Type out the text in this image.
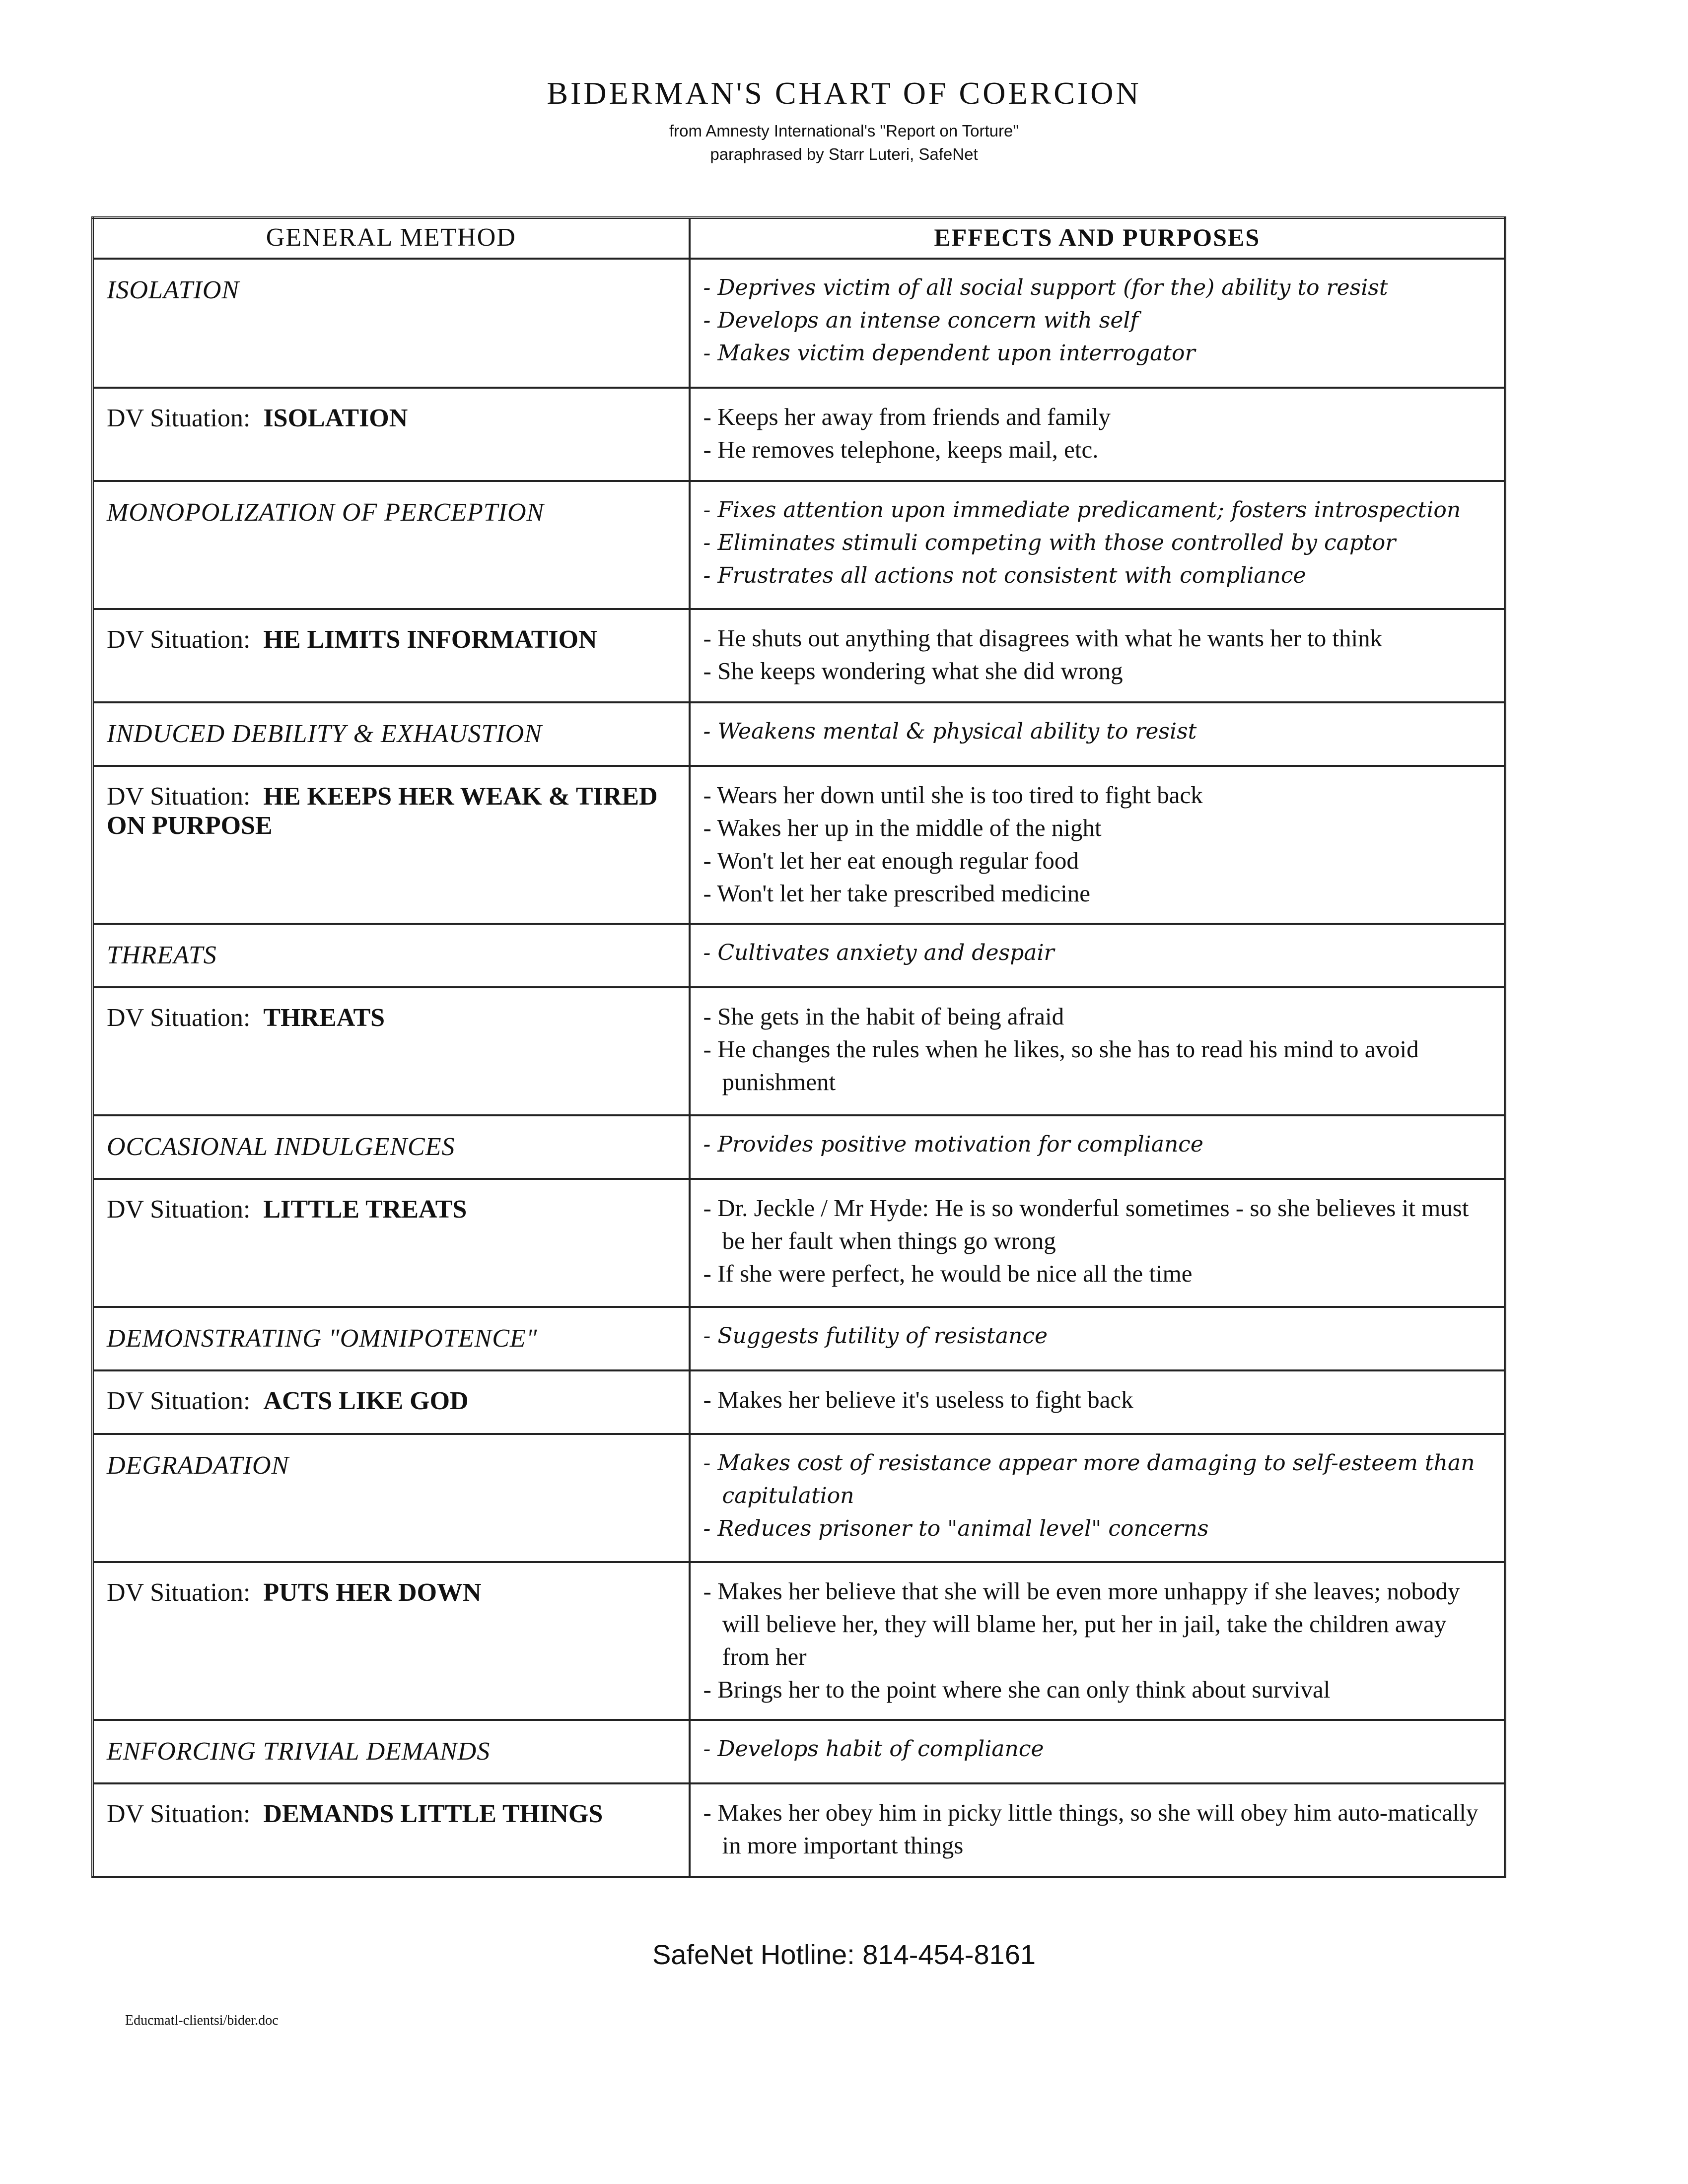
BIDERMAN'S CHART OF COERCION
from Amnesty International's "Report on Torture"
paraphrased by Starr Luteri, SafeNet
GENERAL METHOD	EFFECTS AND PURPOSES
ISOLATION	- Deprives victim of all social support (for the) ability to resist
- Develops an intense concern with self
- Makes victim dependent upon interrogator

DV Situation: ISOLATION	- Keeps her away from friends and family
- He removes telephone, keeps mail, etc.

MONOPOLIZATION OF PERCEPTION	- Fixes attention upon immediate predicament; fosters introspection
- Eliminates stimuli competing with those controlled by captor
- Frustrates all actions not consistent with compliance

DV Situation: HE LIMITS INFORMATION	- He shuts out anything that disagrees with what he wants her to think
- She keeps wondering what she did wrong

INDUCED DEBILITY & EXHAUSTION	- Weakens mental & physical ability to resist

DV Situation: HE KEEPS HER WEAK & TIRED ON PURPOSE	- Wears her down until she is too tired to fight back
- Wakes her up in the middle of the night
- Won't let her eat enough regular food
- Won't let her take prescribed medicine

THREATS	- Cultivates anxiety and despair

DV Situation: THREATS	- She gets in the habit of being afraid
- He changes the rules when he likes, so she has to read his mind to avoid punishment

OCCASIONAL INDULGENCES	- Provides positive motivation for compliance

DV Situation: LITTLE TREATS	- Dr. Jeckle / Mr Hyde: He is so wonderful sometimes - so she believes it must be her fault when things go wrong
- If she were perfect, he would be nice all the time

DEMONSTRATING "OMNIPOTENCE"	- Suggests futility of resistance

DV Situation: ACTS LIKE GOD	- Makes her believe it's useless to fight back

DEGRADATION	- Makes cost of resistance appear more damaging to self-esteem than capitulation
- Reduces prisoner to "animal level" concerns

DV Situation: PUTS HER DOWN	- Makes her believe that she will be even more unhappy if she leaves; nobody will believe her, they will blame her, put her in jail, take the children away from her
- Brings her to the point where she can only think about survival

ENFORCING TRIVIAL DEMANDS	- Develops habit of compliance

DV Situation: DEMANDS LITTLE THINGS	- Makes her obey him in picky little things, so she will obey him auto-matically in more important things
SafeNet Hotline: 814-454-8161
Educmatl-clientsi/bider.doc
